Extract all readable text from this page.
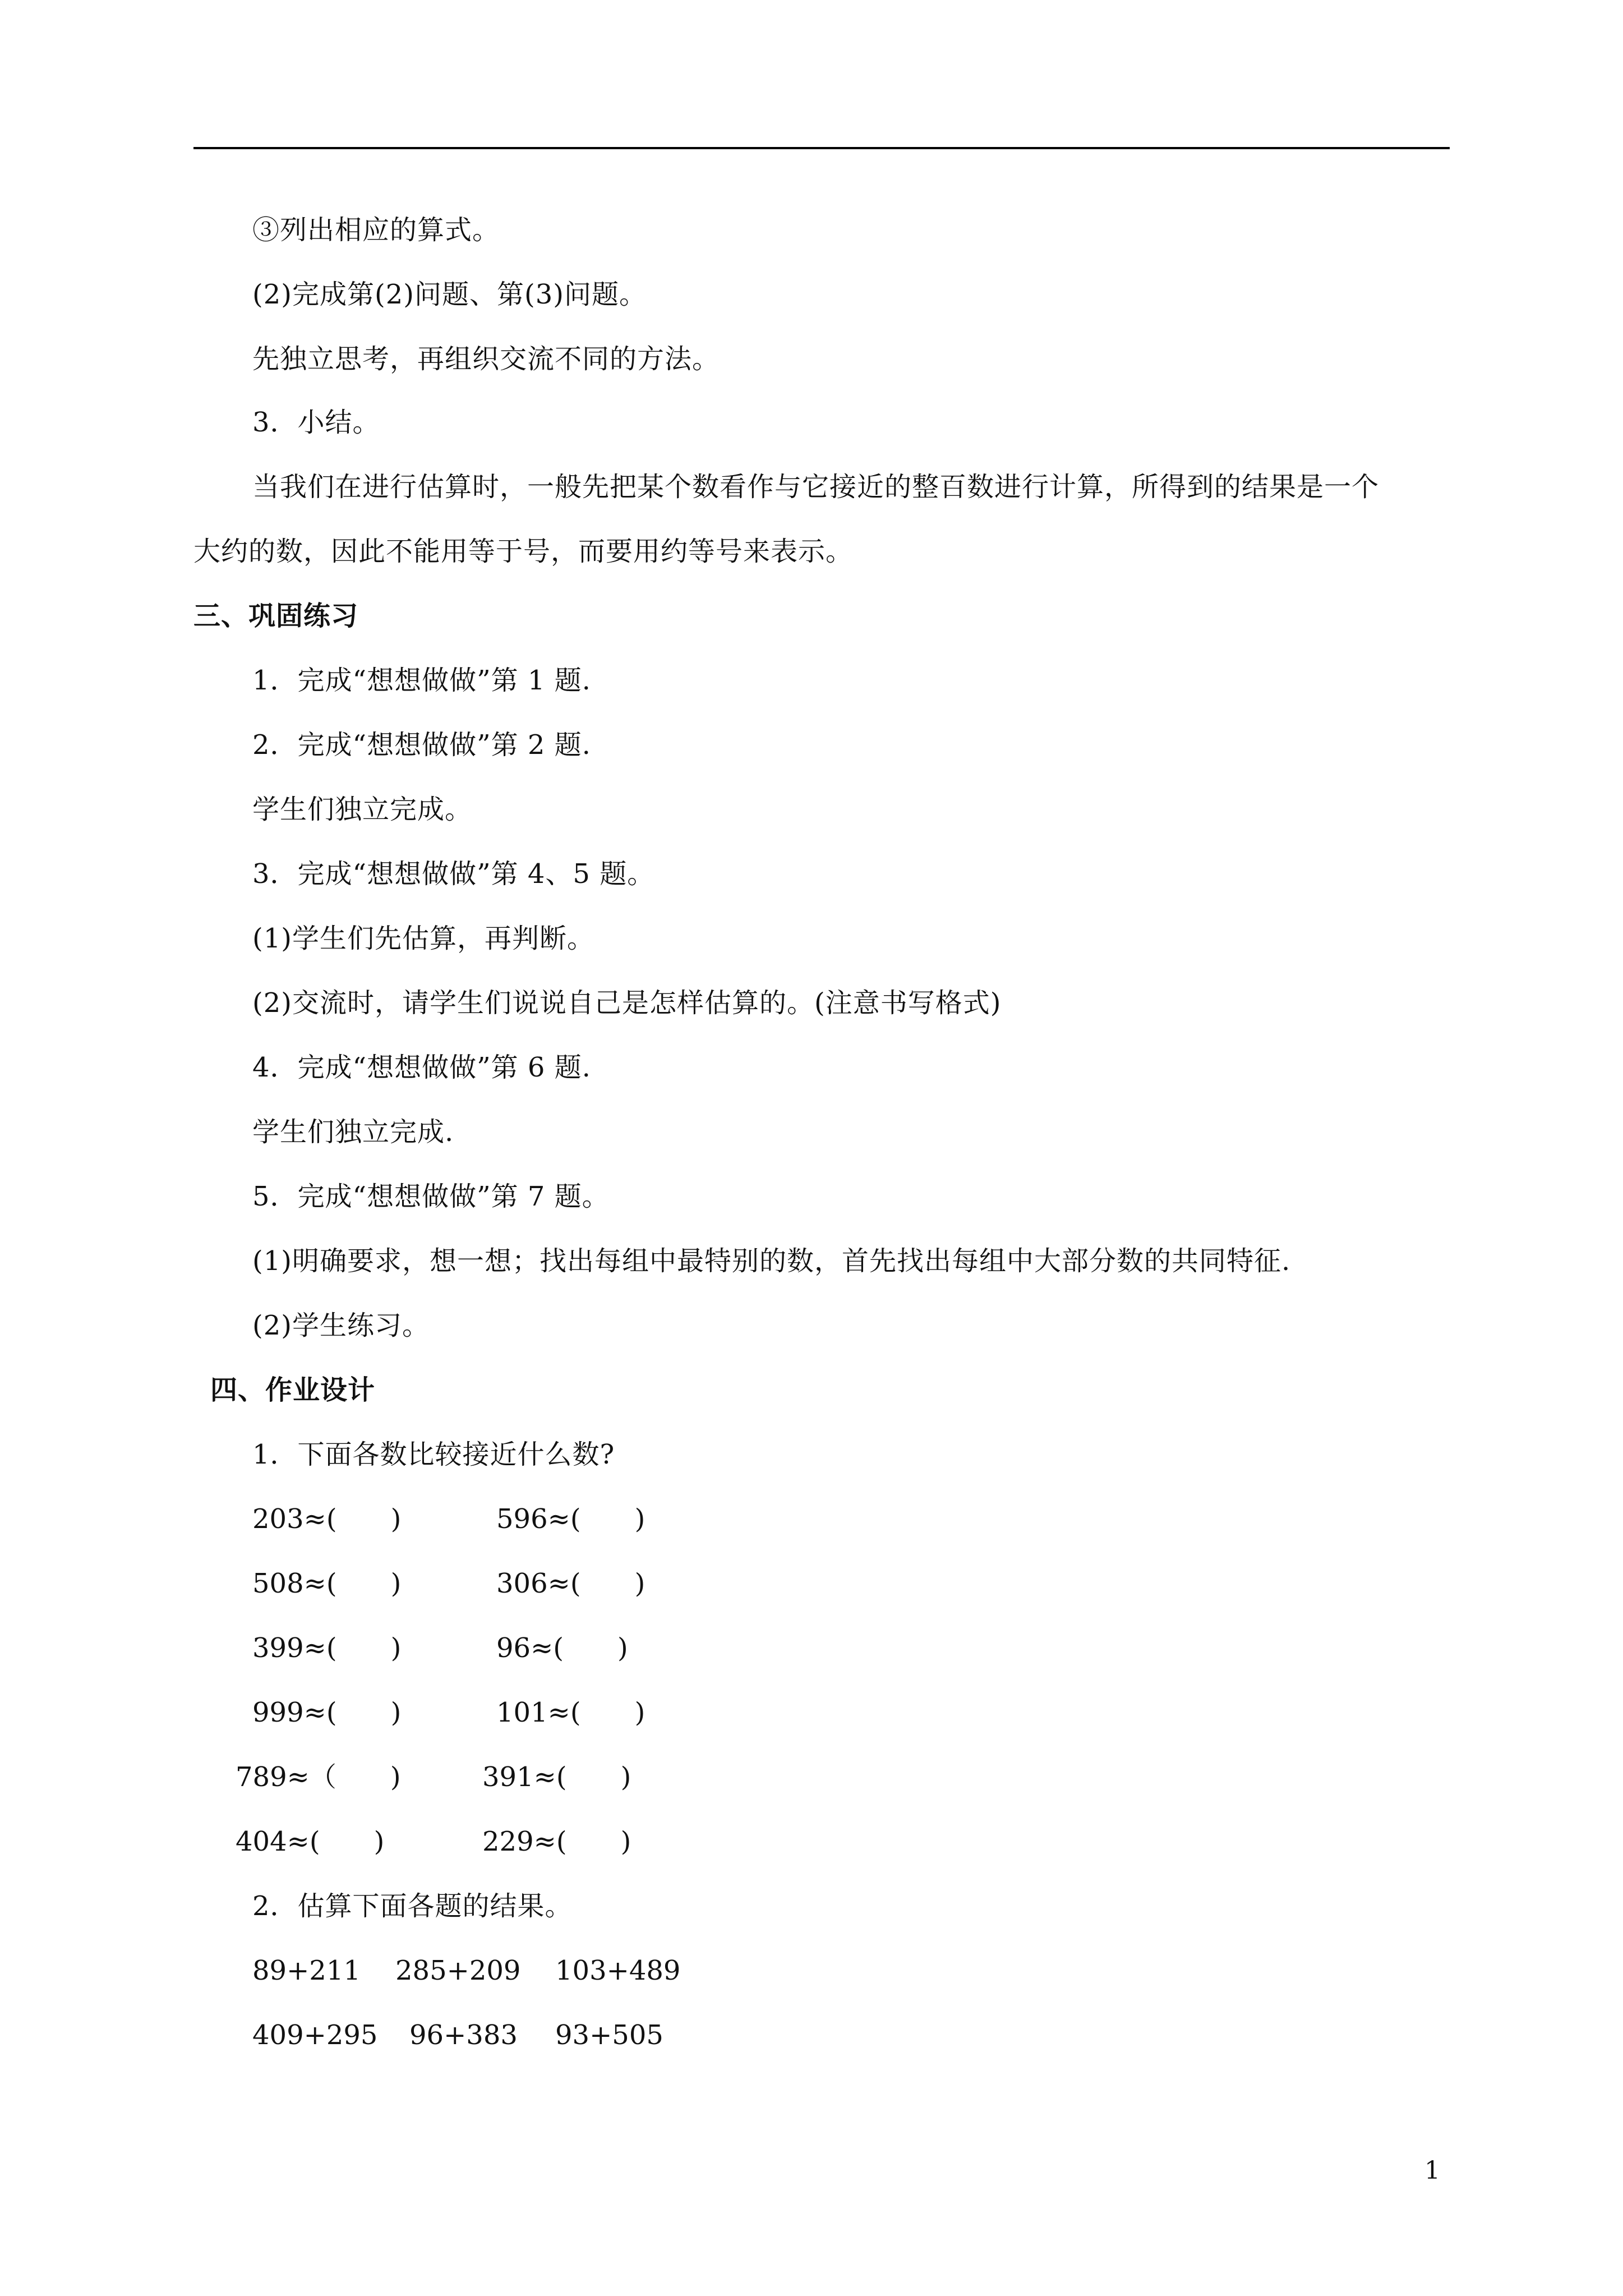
③列出相应的算式。
(2)完成第(2)问题、第(3)问题。
先独立思考，再组织交流不同的方法。
3．小结。
当我们在进行估算时，一般先把某个数看作与它接近的整百数进行计算，所得到的结果是一个
大约的数，因此不能用等于号，而要用约等号来表示。
三、巩固练习
1．完成“想想做做”第 1 题.
2．完成“想想做做”第 2 题.
学生们独立完成。
3．完成“想想做做”第 4、5 题。
(1)学生们先估算，再判断。
(2)交流时，请学生们说说自己是怎样估算的。(注意书写格式)
4．完成“想想做做”第 6 题.
学生们独立完成.
5．完成“想想做做”第 7 题。
(1)明确要求，想一想；找出每组中最特别的数，首先找出每组中大部分数的共同特征.
(2)学生练习。
四、作业设计
1．下面各数比较接近什么数?
203≈(　　)	596≈(　　)
508≈(　　)	306≈(　　)
399≈(　　)	96≈(　　)
999≈(　　)	101≈(　　)
789≈（　　)	391≈(　　)
404≈(　　)	229≈(　　)
2．估算下面各题的结果。
89+211 285+209 103+489
409+295 96+383 93+505
1
